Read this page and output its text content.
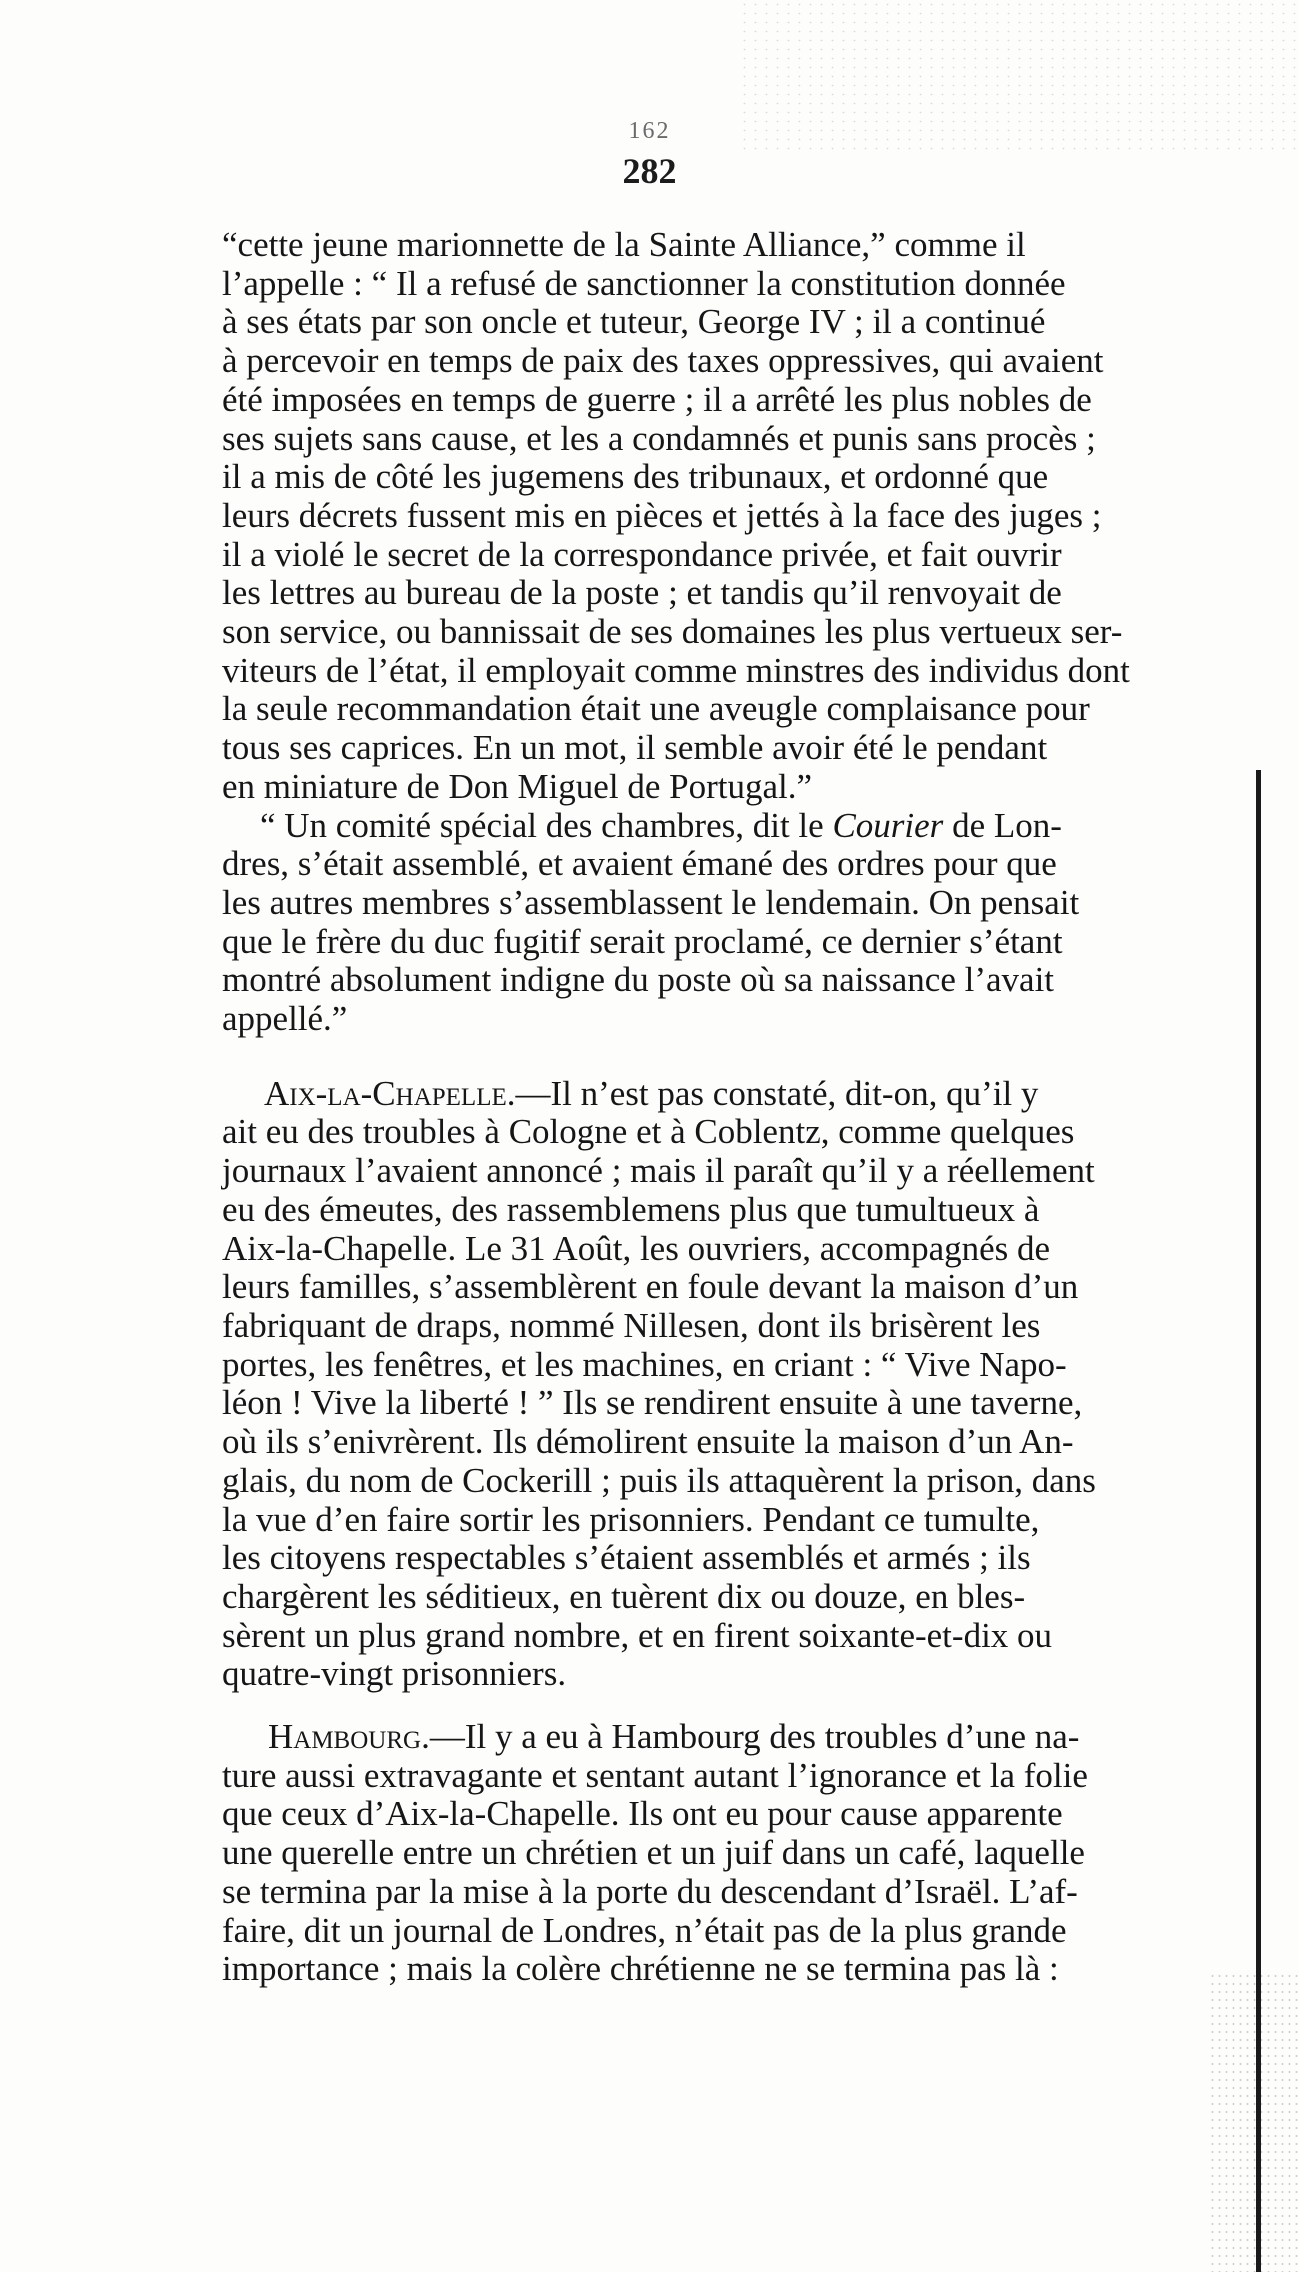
162
282
“cette jeune marionnette de la Sainte Alliance,” comme il
l’appelle : “ Il a refusé de sanctionner la constitution donnée
à ses états par son oncle et tuteur, George IV ; il a continué
à percevoir en temps de paix des taxes oppressives, qui avaient
été imposées en temps de guerre ; il a arrêté les plus nobles de
ses sujets sans cause, et les a condamnés et punis sans procès ;
il a mis de côté les jugemens des tribunaux, et ordonné que
leurs décrets fussent mis en pièces et jettés à la face des juges ;
il a violé le secret de la correspondance privée, et fait ouvrir
les lettres au bureau de la poste ; et tandis qu’il renvoyait de
son service, ou bannissait de ses domaines les plus vertueux ser-
viteurs de l’état, il employait comme minstres des individus dont
la seule recommandation était une aveugle complaisance pour
tous ses caprices. En un mot, il semble avoir été le pendant
en miniature de Don Miguel de Portugal.”
“ Un comité spécial des chambres, dit le Courier de Lon-
dres, s’était assemblé, et avaient émané des ordres pour que
les autres membres s’assemblassent le lendemain. On pensait
que le frère du duc fugitif serait proclamé, ce dernier s’étant
montré absolument indigne du poste où sa naissance l’avait
appellé.”
Aix-la-Chapelle.—Il n’est pas constaté, dit-on, qu’il y
ait eu des troubles à Cologne et à Coblentz, comme quelques
journaux l’avaient annoncé ; mais il paraît qu’il y a réellement
eu des émeutes, des rassemblemens plus que tumultueux à
Aix-la-Chapelle. Le 31 Août, les ouvriers, accompagnés de
leurs familles, s’assemblèrent en foule devant la maison d’un
fabriquant de draps, nommé Nillesen, dont ils brisèrent les
portes, les fenêtres, et les machines, en criant : “ Vive Napo-
léon ! Vive la liberté ! ” Ils se rendirent ensuite à une taverne,
où ils s’enivrèrent. Ils démolirent ensuite la maison d’un An-
glais, du nom de Cockerill ; puis ils attaquèrent la prison, dans
la vue d’en faire sortir les prisonniers. Pendant ce tumulte,
les citoyens respectables s’étaient assemblés et armés ; ils
chargèrent les séditieux, en tuèrent dix ou douze, en bles-
sèrent un plus grand nombre, et en firent soixante-et-dix ou
quatre-vingt prisonniers.
Hambourg.—Il y a eu à Hambourg des troubles d’une na-
ture aussi extravagante et sentant autant l’ignorance et la folie
que ceux d’Aix-la-Chapelle. Ils ont eu pour cause apparente
une querelle entre un chrétien et un juif dans un café, laquelle
se termina par la mise à la porte du descendant d’Israël. L’af-
faire, dit un journal de Londres, n’était pas de la plus grande
importance ; mais la colère chrétienne ne se termina pas là :
